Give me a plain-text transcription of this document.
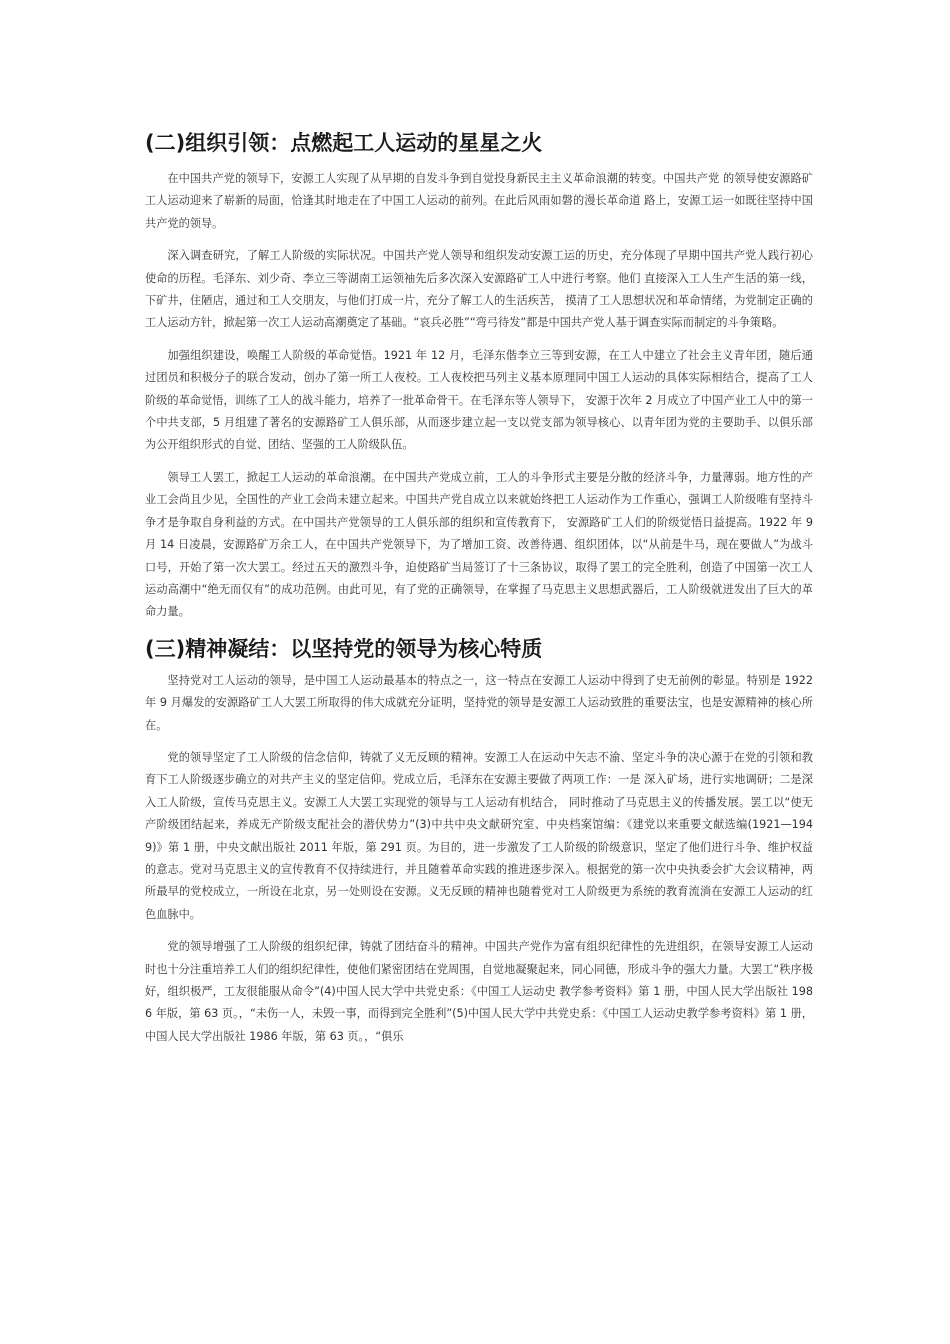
(二)组织引领：点燃起工人运动的星星之火

在中国共产党的领导下，安源工人实现了从早期的自发斗争到自觉投身新民主主义革命浪潮的转变。中国共产党 的领导使安源路矿工人运动迎来了崭新的局面，恰逢其时地走在了中国工人运动的前列。在此后风雨如磐的漫长革命道 路上，安源工运一如既往坚持中国共产党的领导。

深入调查研究，了解工人阶级的实际状况。中国共产党人领导和组织发动安源工运的历史，充分体现了早期中国共产党人践行初心使命的历程。毛泽东、刘少奇、李立三等湖南工运领袖先后多次深入安源路矿工人中进行考察。他们 直接深入工人生产生活的第一线，下矿井，住陋店，通过和工人交朋友，与他们打成一片，充分了解工人的生活疾苦， 摸清了工人思想状况和革命情绪，为党制定正确的工人运动方针，掀起第一次工人运动高潮奠定了基础。“哀兵必胜”“弯弓待发”都是中国共产党人基于调查实际而制定的斗争策略。

加强组织建设，唤醒工人阶级的革命觉悟。1921 年 12 月，毛泽东偕李立三等到安源，在工人中建立了社会主义青年团，随后通过团员和积极分子的联合发动，创办了第一所工人夜校。工人夜校把马列主义基本原理同中国工人运动的具体实际相结合，提高了工人阶级的革命觉悟，训练了工人的战斗能力，培养了一批革命骨干。在毛泽东等人领导下， 安源于次年 2 月成立了中国产业工人中的第一个中共支部，5 月组建了著名的安源路矿工人俱乐部，从而逐步建立起一支以党支部为领导核心、以青年团为党的主要助手、以俱乐部为公开组织形式的自觉、团结、坚强的工人阶级队伍。

领导工人罢工，掀起工人运动的革命浪潮。在中国共产党成立前，工人的斗争形式主要是分散的经济斗争，力量薄弱。地方性的产业工会尚且少见，全国性的产业工会尚未建立起来。中国共产党自成立以来就始终把工人运动作为工作重心，强调工人阶级唯有坚持斗争才是争取自身利益的方式。在中国共产党领导的工人俱乐部的组织和宣传教育下， 安源路矿工人们的阶级觉悟日益提高。1922 年 9 月 14 日凌晨，安源路矿万余工人，在中国共产党领导下，为了增加工资、改善待遇、组织团体，以“从前是牛马，现在要做人”为战斗口号，开始了第一次大罢工。经过五天的激烈斗争，迫使路矿当局签订了十三条协议，取得了罢工的完全胜利，创造了中国第一次工人运动高潮中“绝无而仅有”的成功范例。由此可见，有了党的正确领导，在掌握了马克思主义思想武器后，工人阶级就迸发出了巨大的革命力量。

(三)精神凝结：以坚持党的领导为核心特质

坚持党对工人运动的领导，是中国工人运动最基本的特点之一，这一特点在安源工人运动中得到了史无前例的彰显。特别是 1922 年 9 月爆发的安源路矿工人大罢工所取得的伟大成就充分证明，坚持党的领导是安源工人运动致胜的重要法宝，也是安源精神的核心所在。

党的领导坚定了工人阶级的信念信仰，铸就了义无反顾的精神。安源工人在运动中矢志不渝、坚定斗争的决心源于在党的引领和教育下工人阶级逐步确立的对共产主义的坚定信仰。党成立后，毛泽东在安源主要做了两项工作：一是 深入矿场，进行实地调研；二是深入工人阶级，宣传马克思主义。安源工人大罢工实现党的领导与工人运动有机结合， 同时推动了马克思主义的传播发展。罢工以“使无产阶级团结起来，养成无产阶级支配社会的潜伏势力”(3)中共中央文献研究室、中央档案馆编：《建党以来重要文献选编(1921—1949)》第 1 册，中央文献出版社 2011 年版，第 291 页。为目的，进一步激发了工人阶级的阶级意识，坚定了他们进行斗争、维护权益的意志。党对马克思主义的宣传教育不仅持续进行，并且随着革命实践的推进逐步深入。根据党的第一次中央执委会扩大会议精神，两所最早的党校成立，一所设在北京，另一处则设在安源。义无反顾的精神也随着党对工人阶级更为系统的教育流淌在安源工人运动的红色血脉中。

党的领导增强了工人阶级的组织纪律，铸就了团结奋斗的精神。中国共产党作为富有组织纪律性的先进组织，在领导安源工人运动时也十分注重培养工人们的组织纪律性，使他们紧密团结在党周围，自觉地凝聚起来，同心同德，形成斗争的强大力量。大罢工“秩序极好，组织极严，工友很能服从命令”(4)中国人民大学中共党史系：《中国工人运动史 教学参考资料》第 1 册，中国人民大学出版社 1986 年版，第 63 页。，“未伤一人，未毁一事，而得到完全胜利”(5)中国人民大学中共党史系：《中国工人运动史教学参考资料》第 1 册，中国人民大学出版社 1986 年版，第 63 页。，“俱乐
